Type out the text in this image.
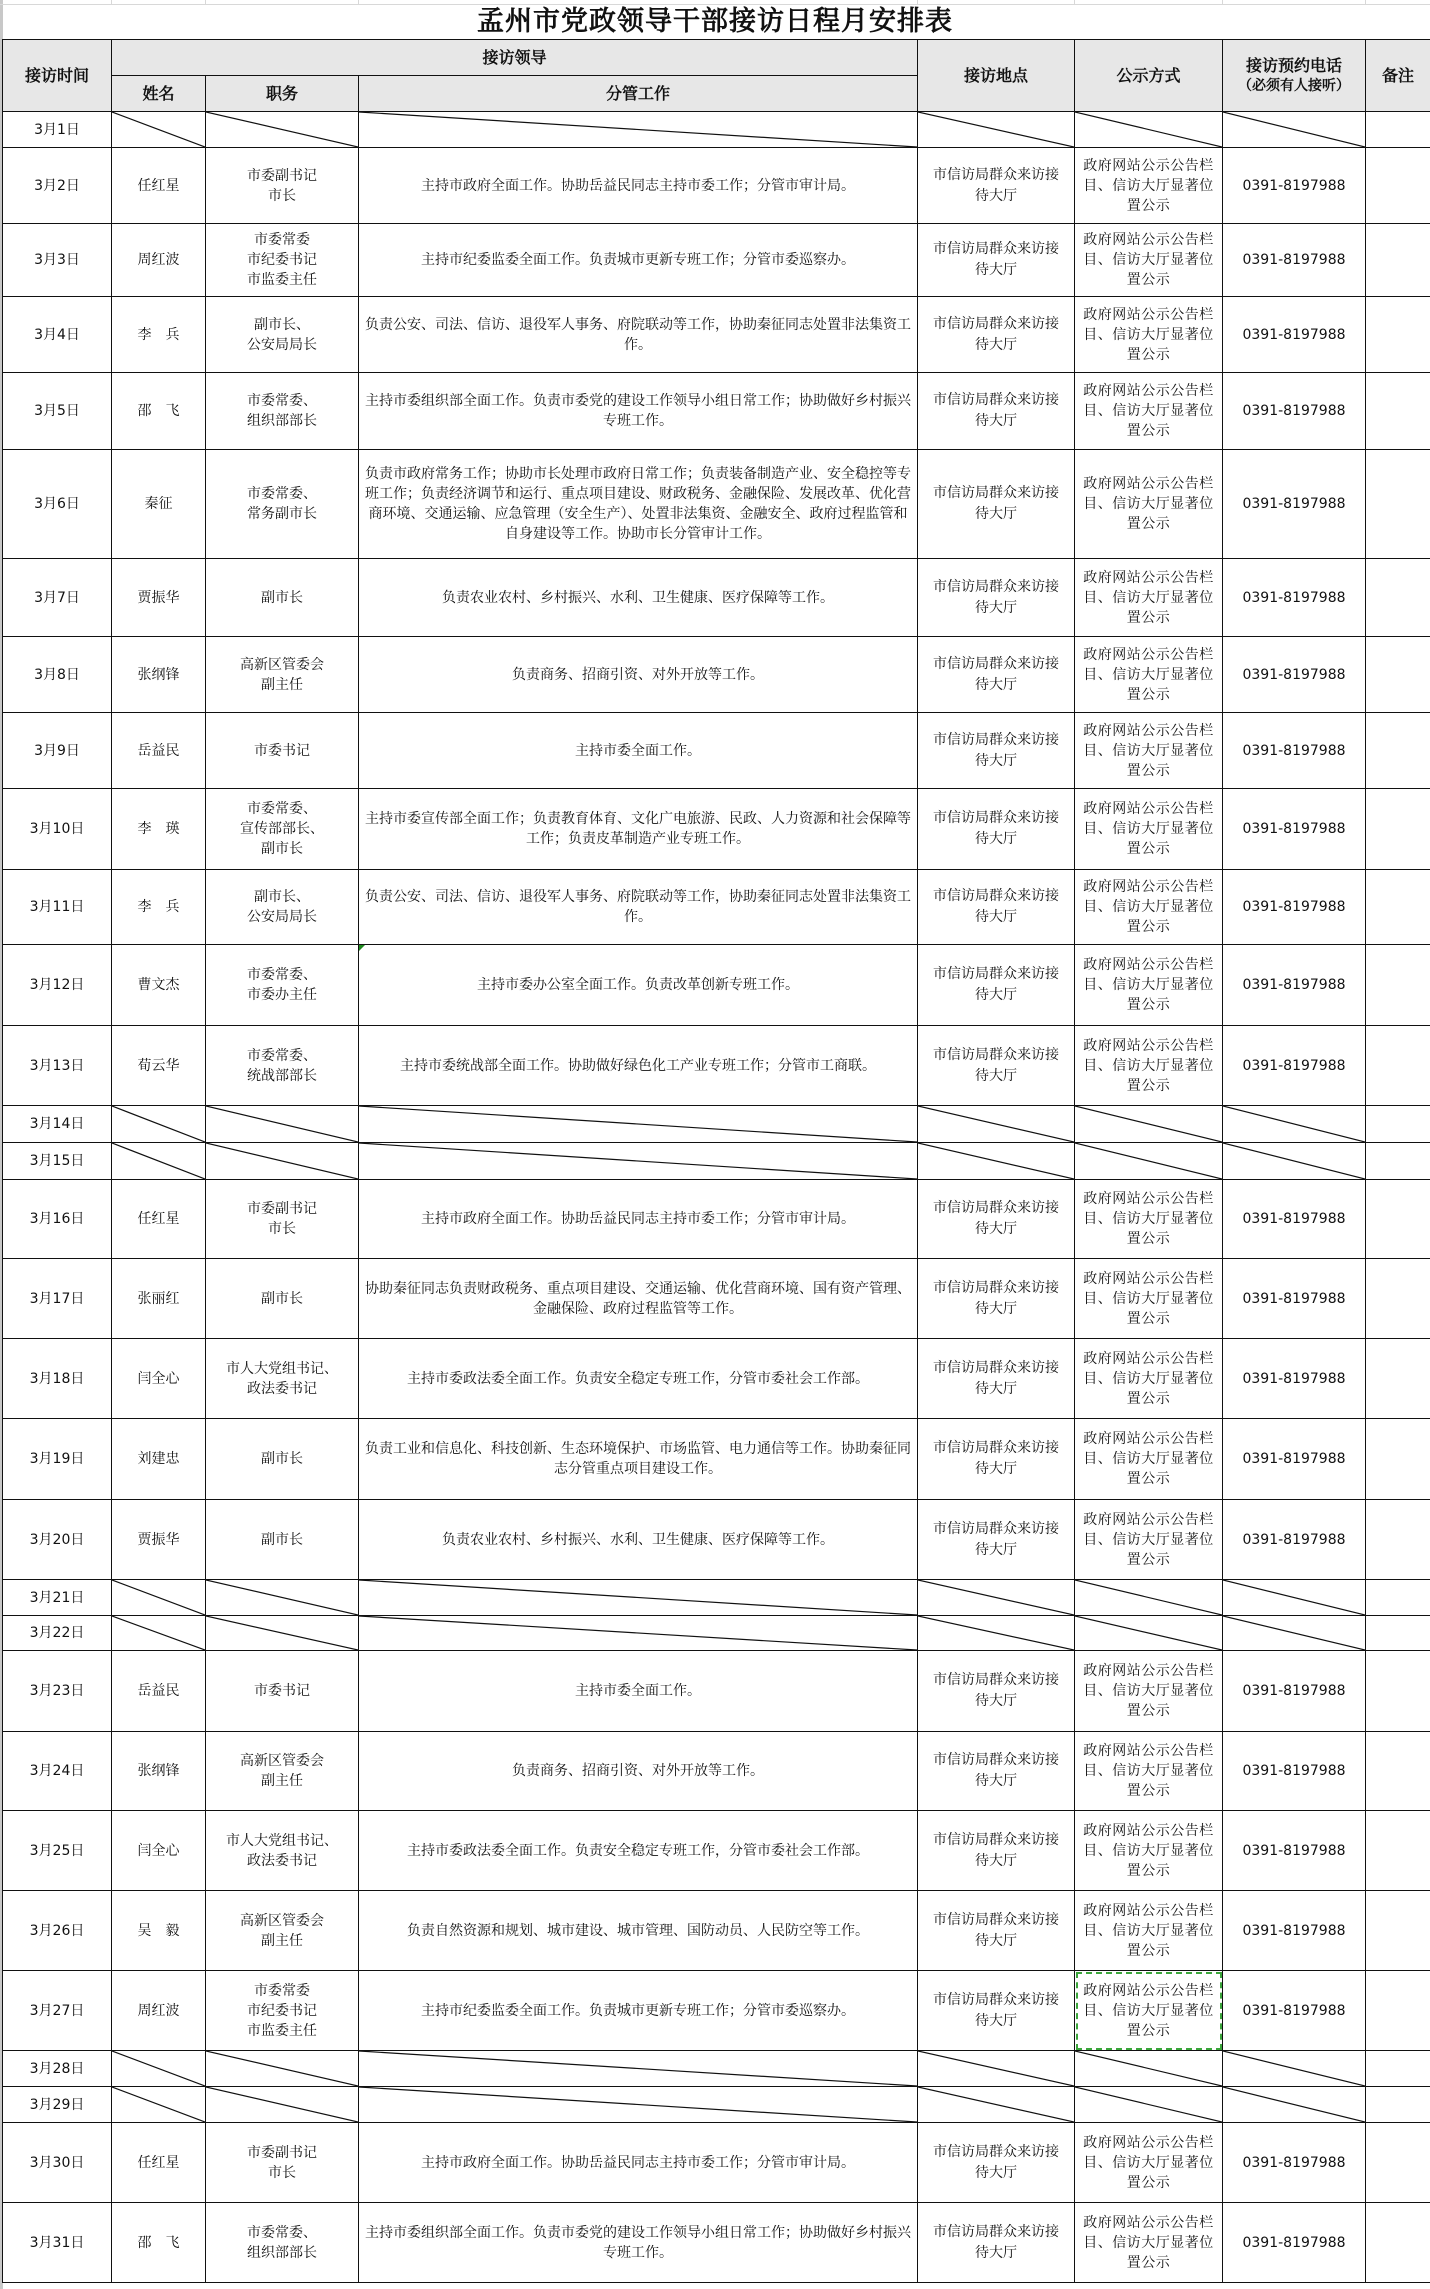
孟州市党政领导干部接访日程月安排表
接访时间	接访领导			接访地点	公示方式	接访预约电话
（必须有人接听）	备注
	姓名	职务	分管工作				
3月1日	

3月2日	任红星	市委副书记
市长	主持市政府全面工作。协助岳益民同志主持市委工作；分管市审计局。	市信访局群众来访接待大厅	政府网站公示公告栏目、信访大厅显著位置公示	0391-8197988	
3月3日	周红波	市委常委
市纪委书记
市监委主任	主持市纪委监委全面工作。负责城市更新专班工作；分管市委巡察办。	市信访局群众来访接待大厅	政府网站公示公告栏目、信访大厅显著位置公示	0391-8197988	
3月4日	李　兵	副市长、
公安局局长	负责公安、司法、信访、退役军人事务、府院联动等工作，协助秦征同志处置非法集资工作。	市信访局群众来访接待大厅	政府网站公示公告栏目、信访大厅显著位置公示	0391-8197988	
3月5日	邵　飞	市委常委、
组织部部长	主持市委组织部全面工作。负责市委党的建设工作领导小组日常工作；协助做好乡村振兴专班工作。	市信访局群众来访接待大厅	政府网站公示公告栏目、信访大厅显著位置公示	0391-8197988	
3月6日	秦征	市委常委、
常务副市长	负责市政府常务工作；协助市长处理市政府日常工作；负责装备制造产业、安全稳控等专班工作；负责经济调节和运行、重点项目建设、财政税务、金融保险、发展改革、优化营商环境、交通运输、应急管理（安全生产）、处置非法集资、金融安全、政府过程监管和自身建设等工作。协助市长分管审计工作。	市信访局群众来访接待大厅	政府网站公示公告栏目、信访大厅显著位置公示	0391-8197988	
3月7日	贾振华	副市长	负责农业农村、乡村振兴、水利、卫生健康、医疗保障等工作。	市信访局群众来访接待大厅	政府网站公示公告栏目、信访大厅显著位置公示	0391-8197988	
3月8日	张纲锋	高新区管委会
副主任	负责商务、招商引资、对外开放等工作。	市信访局群众来访接待大厅	政府网站公示公告栏目、信访大厅显著位置公示	0391-8197988	
3月9日	岳益民	市委书记	主持市委全面工作。	市信访局群众来访接待大厅	政府网站公示公告栏目、信访大厅显著位置公示	0391-8197988	
3月10日	李　瑛	市委常委、
宣传部部长、
副市长	主持市委宣传部全面工作；负责教育体育、文化广电旅游、民政、人力资源和社会保障等工作；负责皮革制造产业专班工作。	市信访局群众来访接待大厅	政府网站公示公告栏目、信访大厅显著位置公示	0391-8197988	
3月11日	李　兵	副市长、
公安局局长	负责公安、司法、信访、退役军人事务、府院联动等工作，协助秦征同志处置非法集资工作。	市信访局群众来访接待大厅	政府网站公示公告栏目、信访大厅显著位置公示	0391-8197988	
3月12日	曹文杰	市委常委、
市委办主任	主持市委办公室全面工作。负责改革创新专班工作。	市信访局群众来访接待大厅	政府网站公示公告栏目、信访大厅显著位置公示	0391-8197988	
3月13日	荀云华	市委常委、
统战部部长	主持市委统战部全面工作。协助做好绿色化工产业专班工作；分管市工商联。	市信访局群众来访接待大厅	政府网站公示公告栏目、信访大厅显著位置公示	0391-8197988	
3月14日	

3月15日	

3月16日	任红星	市委副书记
市长	主持市政府全面工作。协助岳益民同志主持市委工作；分管市审计局。	市信访局群众来访接待大厅	政府网站公示公告栏目、信访大厅显著位置公示	0391-8197988	
3月17日	张丽红	副市长	协助秦征同志负责财政税务、重点项目建设、交通运输、优化营商环境、国有资产管理、金融保险、政府过程监管等工作。	市信访局群众来访接待大厅	政府网站公示公告栏目、信访大厅显著位置公示	0391-8197988	
3月18日	闫全心	市人大党组书记、
政法委书记	主持市委政法委全面工作。负责安全稳定专班工作，分管市委社会工作部。	市信访局群众来访接待大厅	政府网站公示公告栏目、信访大厅显著位置公示	0391-8197988	
3月19日	刘建忠	副市长	负责工业和信息化、科技创新、生态环境保护、市场监管、电力通信等工作。协助秦征同志分管重点项目建设工作。	市信访局群众来访接待大厅	政府网站公示公告栏目、信访大厅显著位置公示	0391-8197988	
3月20日	贾振华	副市长	负责农业农村、乡村振兴、水利、卫生健康、医疗保障等工作。	市信访局群众来访接待大厅	政府网站公示公告栏目、信访大厅显著位置公示	0391-8197988	
3月21日	

3月22日	

3月23日	岳益民	市委书记	主持市委全面工作。	市信访局群众来访接待大厅	政府网站公示公告栏目、信访大厅显著位置公示	0391-8197988	
3月24日	张纲锋	高新区管委会
副主任	负责商务、招商引资、对外开放等工作。	市信访局群众来访接待大厅	政府网站公示公告栏目、信访大厅显著位置公示	0391-8197988	
3月25日	闫全心	市人大党组书记、
政法委书记	主持市委政法委全面工作。负责安全稳定专班工作，分管市委社会工作部。	市信访局群众来访接待大厅	政府网站公示公告栏目、信访大厅显著位置公示	0391-8197988	
3月26日	吴　毅	高新区管委会
副主任	负责自然资源和规划、城市建设、城市管理、国防动员、人民防空等工作。	市信访局群众来访接待大厅	政府网站公示公告栏目、信访大厅显著位置公示	0391-8197988	
3月27日	周红波	市委常委
市纪委书记
市监委主任	主持市纪委监委全面工作。负责城市更新专班工作；分管市委巡察办。	市信访局群众来访接待大厅	政府网站公示公告栏目、信访大厅显著位置公示	0391-8197988	
3月28日	

3月29日	

3月30日	任红星	市委副书记
市长	主持市政府全面工作。协助岳益民同志主持市委工作；分管市审计局。	市信访局群众来访接待大厅	政府网站公示公告栏目、信访大厅显著位置公示	0391-8197988	
3月31日	邵　飞	市委常委、
组织部部长	主持市委组织部全面工作。负责市委党的建设工作领导小组日常工作；协助做好乡村振兴专班工作。	市信访局群众来访接待大厅	政府网站公示公告栏目、信访大厅显著位置公示	0391-8197988	
